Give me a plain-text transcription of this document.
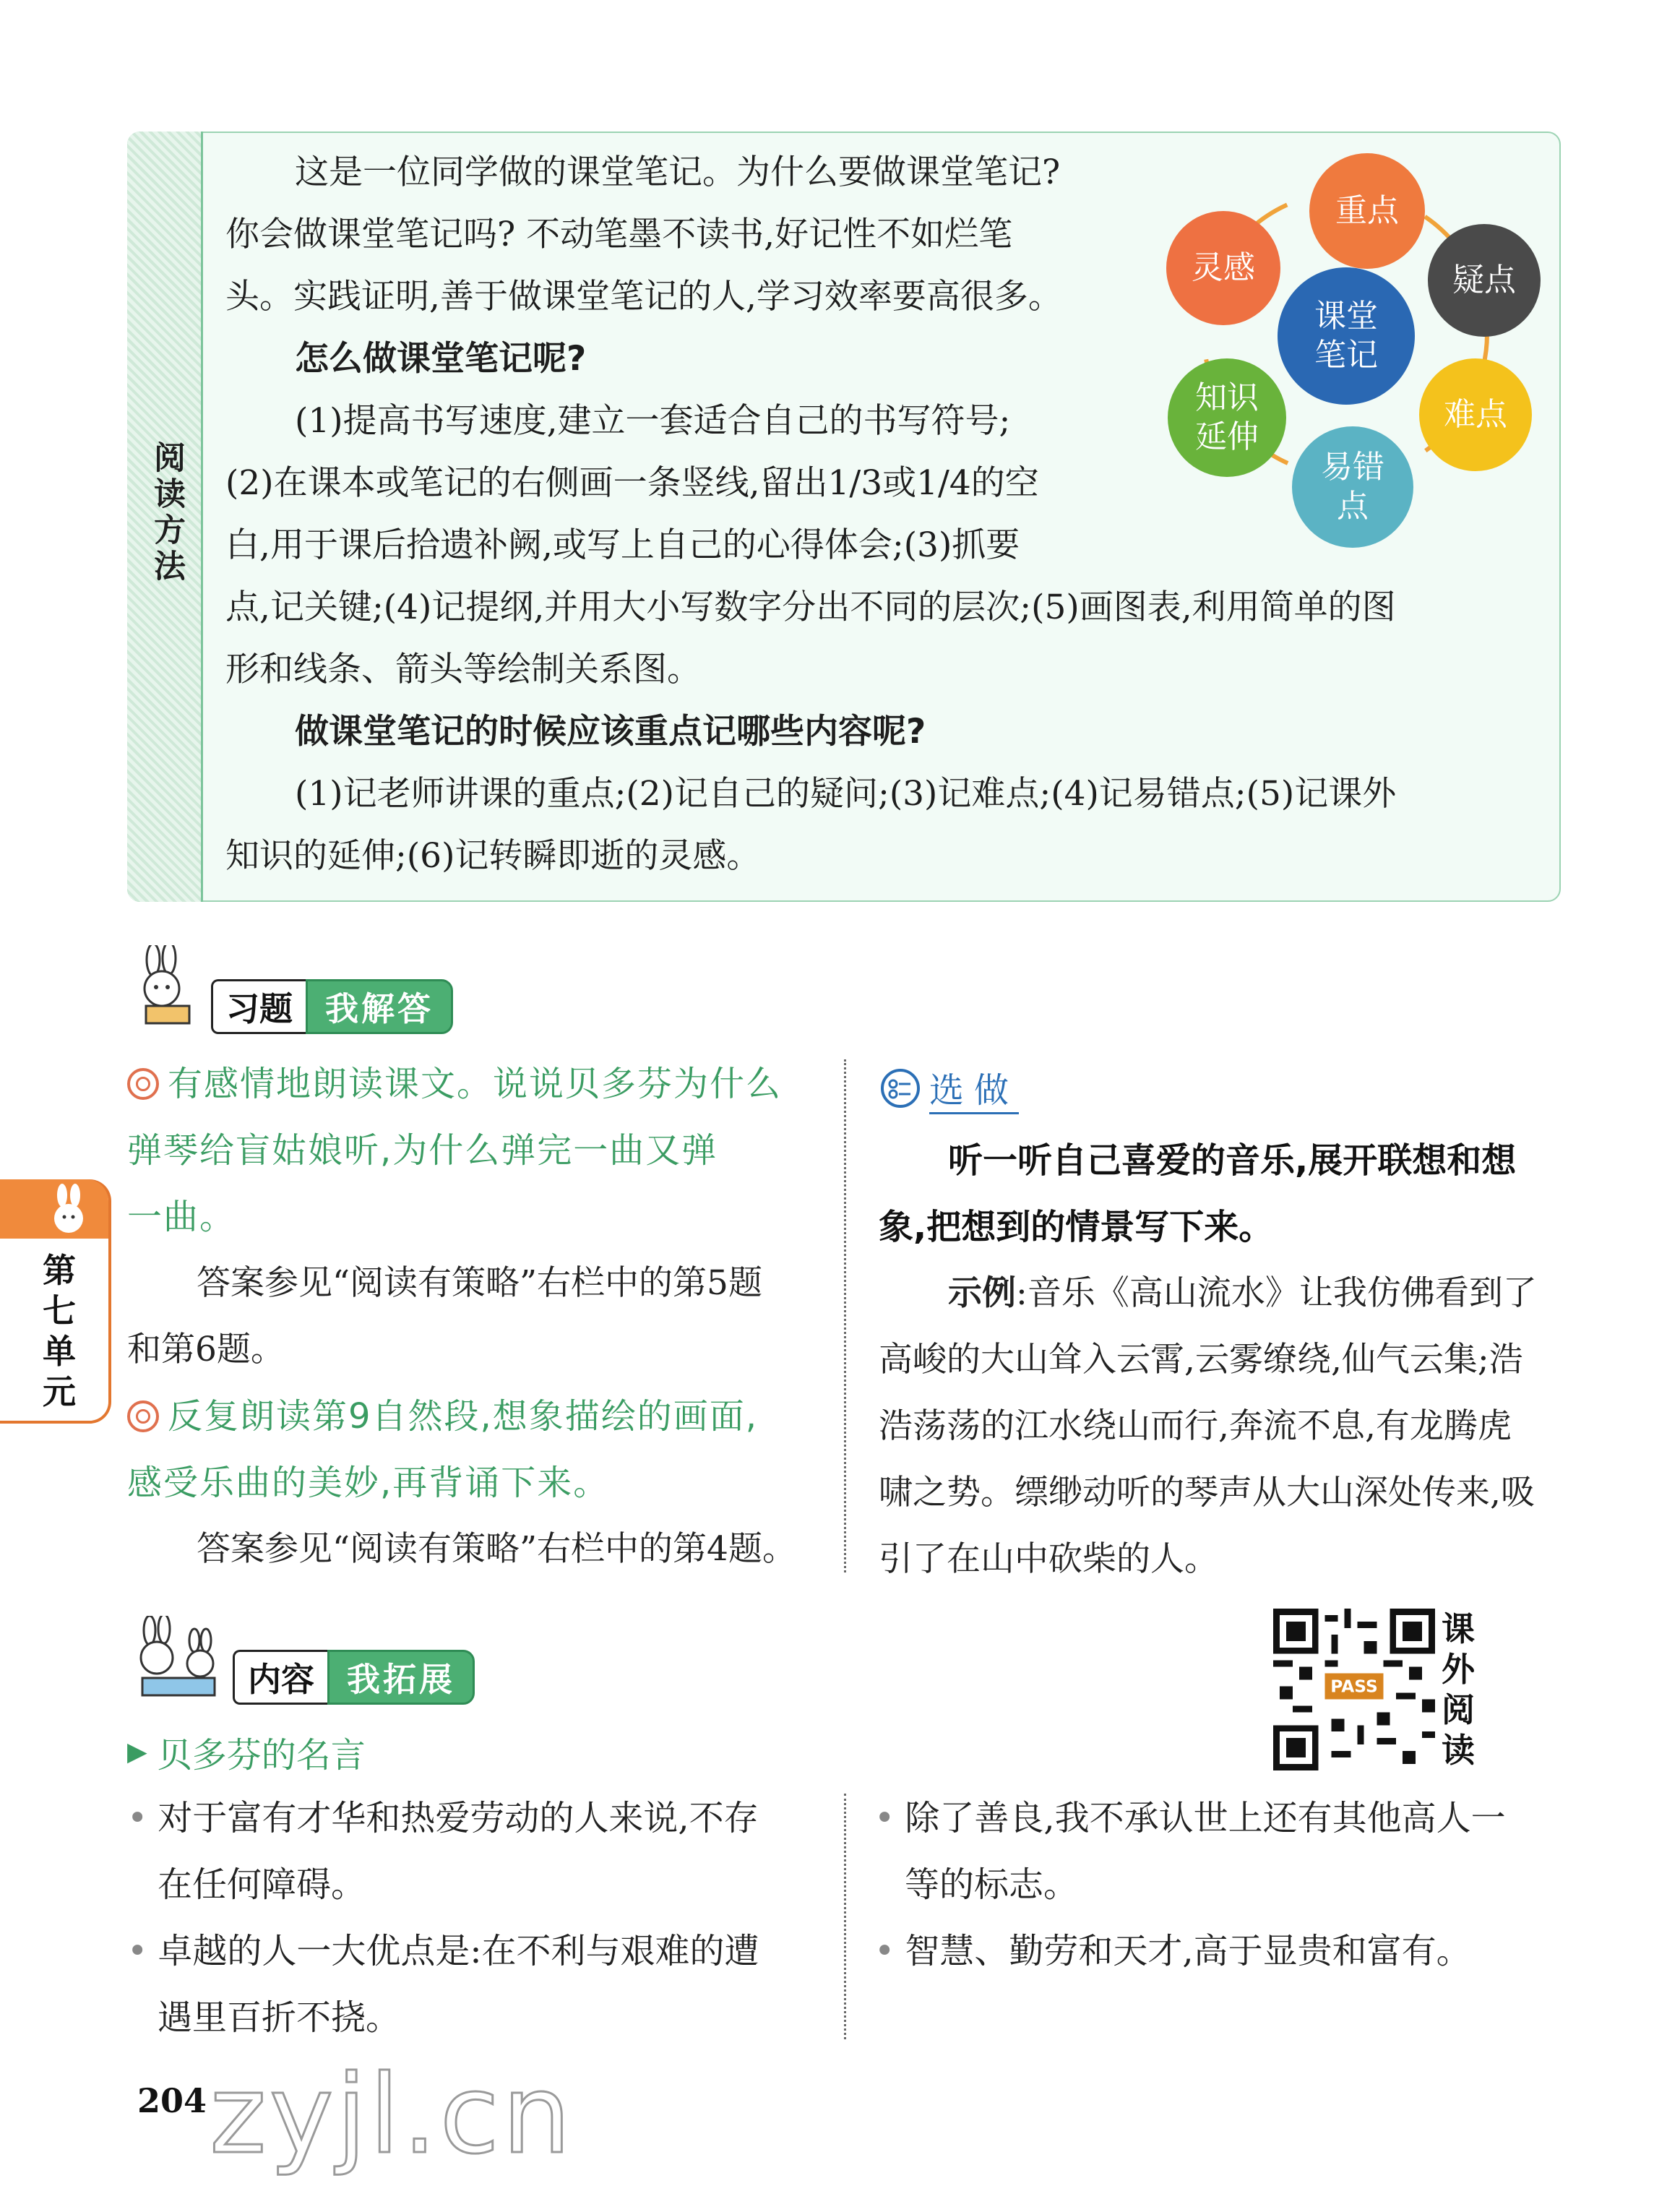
阅读方法
这是一位同学做的课堂笔记。为什么要做课堂笔记?
你会做课堂笔记吗? 不动笔墨不读书,好记性不如烂笔
头。实践证明,善于做课堂笔记的人,学习效率要高很多。
怎么做课堂笔记呢?
(1)提高书写速度,建立一套适合自己的书写符号;
(2)在课本或笔记的右侧画一条竖线,留出1/3或1/4的空
白,用于课后拾遗补阙,或写上自己的心得体会;(3)抓要
点,记关键;(4)记提纲,并用大小写数字分出不同的层次;(5)画图表,利用简单的图
形和线条、箭头等绘制关系图。
做课堂笔记的时候应该重点记哪些内容呢?
(1)记老师讲课的重点;(2)记自己的疑问;(3)记难点;(4)记易错点;(5)记课外
知识的延伸;(6)记转瞬即逝的灵感。
课堂
笔记
重点
疑点
难点
易错
点
知识
延伸
灵感
习题 我解答
第七单元
有感情地朗读课文。说说贝多芬为什么
弹琴给盲姑娘听,为什么弹完一曲又弹
一曲。
答案参见“阅读有策略”右栏中的第5题
和第6题。
反复朗读第9自然段,想象描绘的画面,
感受乐曲的美妙,再背诵下来。
答案参见“阅读有策略”右栏中的第4题。
选做
听一听自己喜爱的音乐,展开联想和想
象,把想到的情景写下来。
示例:音乐《高山流水》让我仿佛看到了
高峻的大山耸入云霄,云雾缭绕,仙气云集;浩
浩荡荡的江水绕山而行,奔流不息,有龙腾虎
啸之势。缥缈动听的琴声从大山深处传来,吸
引了在山中砍柴的人。
内容 我拓展	PASS
课外阅读
▶ 贝多芬的名言
• 对于富有才华和热爱劳动的人来说,不存
在任何障碍。
• 卓越的人一大优点是:在不利与艰难的遭
遇里百折不挠。
• 除了善良,我不承认世上还有其他高人一
等的标志。
• 智慧、勤劳和天才,高于显贵和富有。
204 zyjl.cn
